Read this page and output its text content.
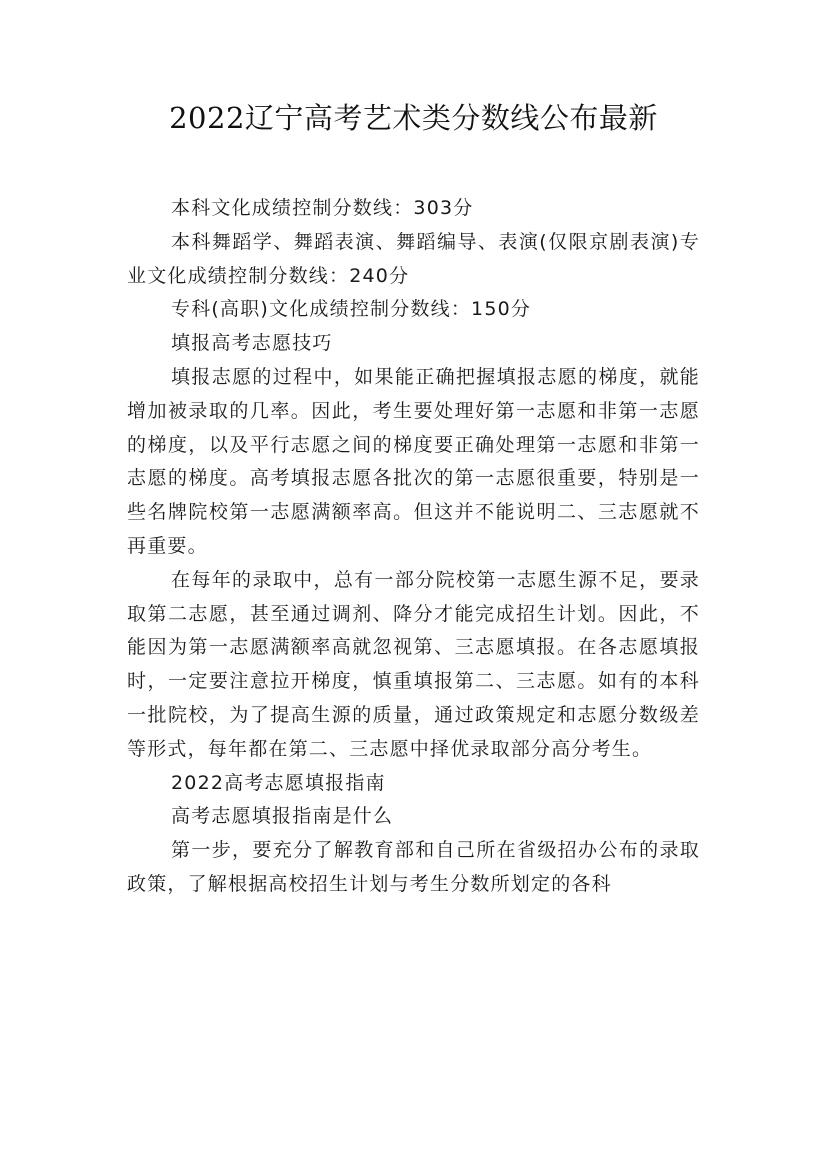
2022辽宁高考艺术类分数线公布最新

本科文化成绩控制分数线：303分

本科舞蹈学、舞蹈表演、舞蹈编导、表演(仅限京剧表演)专业文化成绩控制分数线：240分

专科(高职)文化成绩控制分数线：150分

填报高考志愿技巧

填报志愿的过程中，如果能正确把握填报志愿的梯度，就能增加被录取的几率。因此，考生要处理好第一志愿和非第一志愿的梯度，以及平行志愿之间的梯度要正确处理第一志愿和非第一志愿的梯度。高考填报志愿各批次的第一志愿很重要，特别是一些名牌院校第一志愿满额率高。但这并不能说明二、三志愿就不再重要。

在每年的录取中，总有一部分院校第一志愿生源不足，要录取第二志愿，甚至通过调剂、降分才能完成招生计划。因此，不能因为第一志愿满额率高就忽视第、三志愿填报。在各志愿填报时，一定要注意拉开梯度，慎重填报第二、三志愿。如有的本科一批院校，为了提高生源的质量，通过政策规定和志愿分数级差等形式，每年都在第二、三志愿中择优录取部分高分考生。

2022高考志愿填报指南

高考志愿填报指南是什么

第一步，要充分了解教育部和自己所在省级招办公布的录取政策，了解根据高校招生计划与考生分数所划定的各科
